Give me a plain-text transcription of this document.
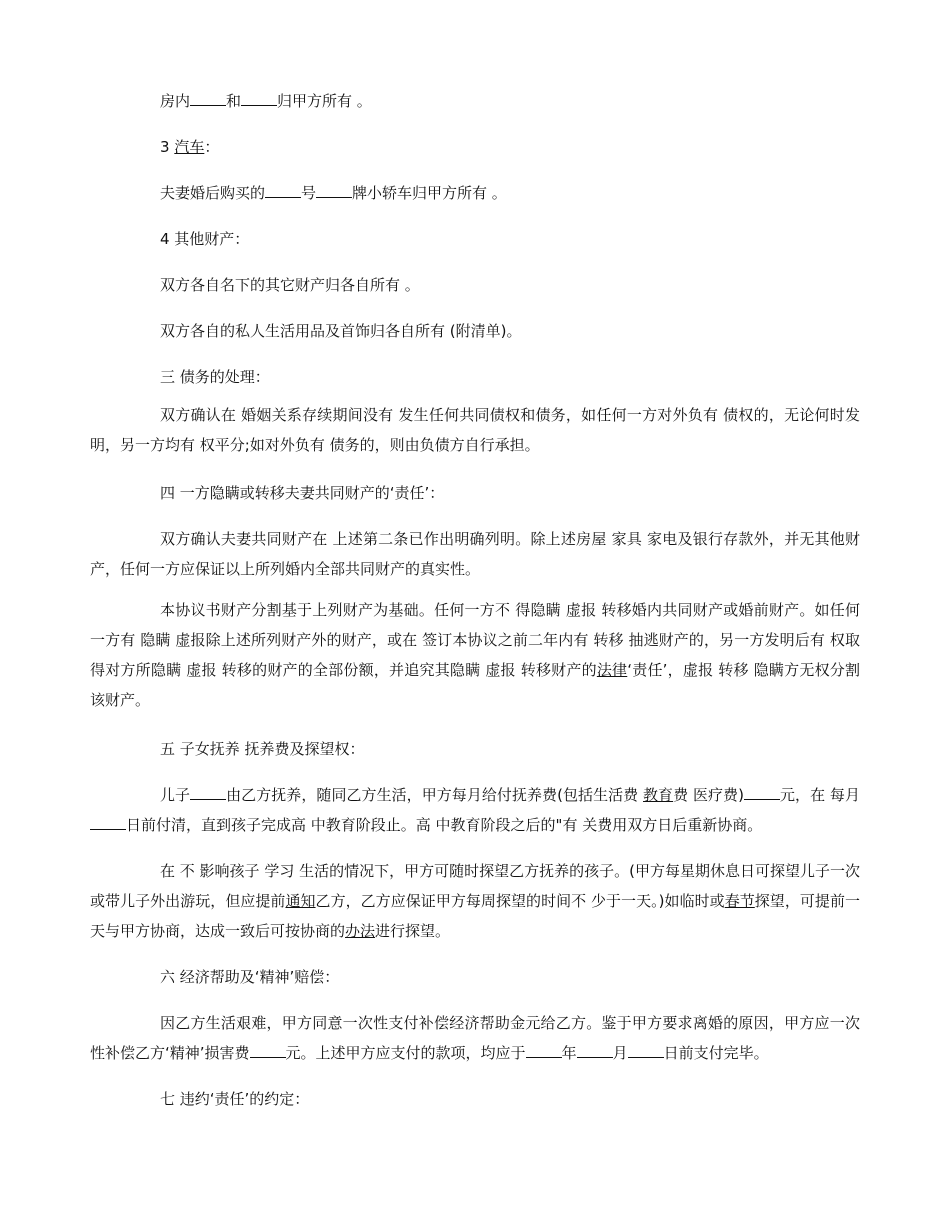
房内 和 归甲方所有 。
3 汽车：
夫妻婚后购买的 号 牌小轿车归甲方所有 。
4 其他财产：
双方各自名下的其它财产归各自所有 。
双方各自的私人生活用品及首饰归各自所有 (附清单)。
三 债务的处理：
双方确认在 婚姻关系存续期间没有 发生任何共同债权和债务，如任何一方对外负有 债权的，无论何时发明，另一方均有 权平分;如对外负有 债务的，则由负债方自行承担。
四 一方隐瞒或转移夫妻共同财产的‘责任’：
双方确认夫妻共同财产在 上述第二条已作出明确列明。除上述房屋 家具 家电及银行存款外，并无其他财产，任何一方应保证以上所列婚内全部共同财产的真实性。
本协议书财产分割基于上列财产为基础。任何一方不 得隐瞒 虚报 转移婚内共同财产或婚前财产。如任何一方有 隐瞒 虚报除上述所列财产外的财产，或在 签订本协议之前二年内有 转移 抽逃财产的，另一方发明后有 权取得对方所隐瞒 虚报 转移的财产的全部份额，并追究其隐瞒 虚报 转移财产的法律‘责任’，虚报 转移 隐瞒方无权分割该财产。
五 子女抚养 抚养费及探望权：
儿子 由乙方抚养，随同乙方生活，甲方每月给付抚养费(包括生活费 教育费 医疗费) 元，在 每月日前付清，直到孩子完成高 中教育阶段止。高 中教育阶段之后的"有 关费用双方日后重新协商。
在 不 影响孩子 学习 生活的情况下，甲方可随时探望乙方抚养的孩子。(甲方每星期休息日可探望儿子一次或带儿子外出游玩，但应提前通知乙方，乙方应保证甲方每周探望的时间不 少于一天。)如临时或春节探望，可提前一天与甲方协商，达成一致后可按协商的办法进行探望。
六 经济帮助及‘精神’赔偿：
因乙方生活艰难，甲方同意一次性支付补偿经济帮助金元给乙方。鉴于甲方要求离婚的原因，甲方应一次性补偿乙方‘精神’损害费 元。上述甲方应支付的款项，均应于 年 月 日前支付完毕。
七 违约‘责任’的约定：
